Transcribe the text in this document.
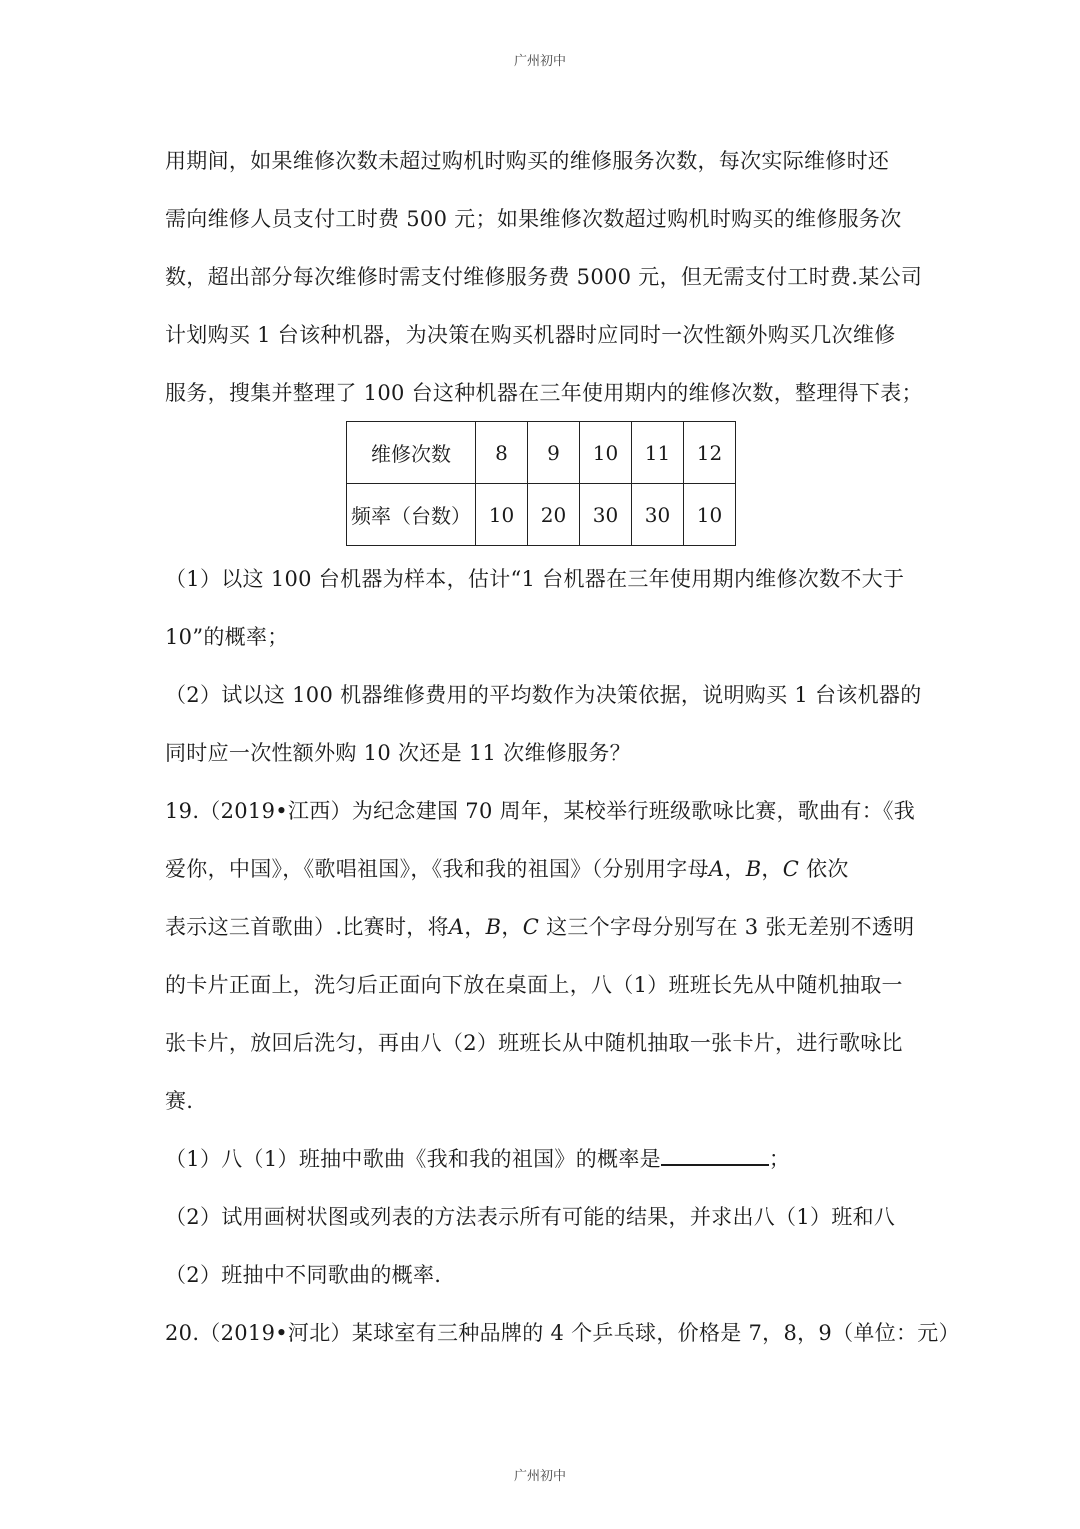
广州初中
用期间，如果维修次数未超过购机时购买的维修服务次数，每次实际维修时还
需向维修人员支付工时费 500 元；如果维修次数超过购机时购买的维修服务次
数，超出部分每次维修时需支付维修服务费 5000 元，但无需支付工时费.某公司
计划购买 1 台该种机器，为决策在购买机器时应同时一次性额外购买几次维修
服务，搜集并整理了 100 台这种机器在三年使用期内的维修次数，整理得下表；
维修次数	8	9	10	11	12
频率（台数）	10	20	30	30	10
（1）以这 100 台机器为样本，估计“1 台机器在三年使用期内维修次数不大于
10”的概率；
（2）试以这 100 机器维修费用的平均数作为决策依据，说明购买 1 台该机器的
同时应一次性额外购 10 次还是 11 次维修服务？
19.（2019•江西）为纪念建国 70 周年，某校举行班级歌咏比赛，歌曲有：《我
爱你，中国》，《歌唱祖国》，《我和我的祖国》（分别用字母A，B，C 依次
表示这三首歌曲）.比赛时，将A，B，C 这三个字母分别写在 3 张无差别不透明
的卡片正面上，洗匀后正面向下放在桌面上，八（1）班班长先从中随机抽取一
张卡片，放回后洗匀，再由八（2）班班长从中随机抽取一张卡片，进行歌咏比
赛.
（1）八（1）班抽中歌曲《我和我的祖国》的概率是	；
（2）试用画树状图或列表的方法表示所有可能的结果，并求出八（1）班和八
（2）班抽中不同歌曲的概率.
20.（2019•河北）某球室有三种品牌的 4 个乒乓球，价格是 7，8，9（单位：元）
广州初中
